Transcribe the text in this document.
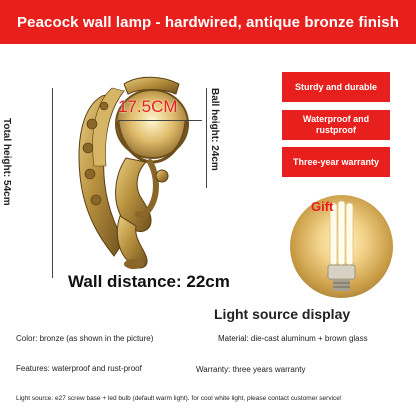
Peacock wall lamp - hardwired, antique bronze finish
Total height: 54cm	Ball height: 24cm
17.5CM
Wall distance: 22cm
Sturdy and durable
Waterproof and rustproof
Three-year warranty
Gift
Light source display
Color: bronze (as shown in the picture)	Material: die-cast aluminum + brown glass
Features: waterproof and rust-proof	Warranty: three years warranty
Light source: e27 screw base + led bulb (default warm light). for cool white light, please contact customer service!
